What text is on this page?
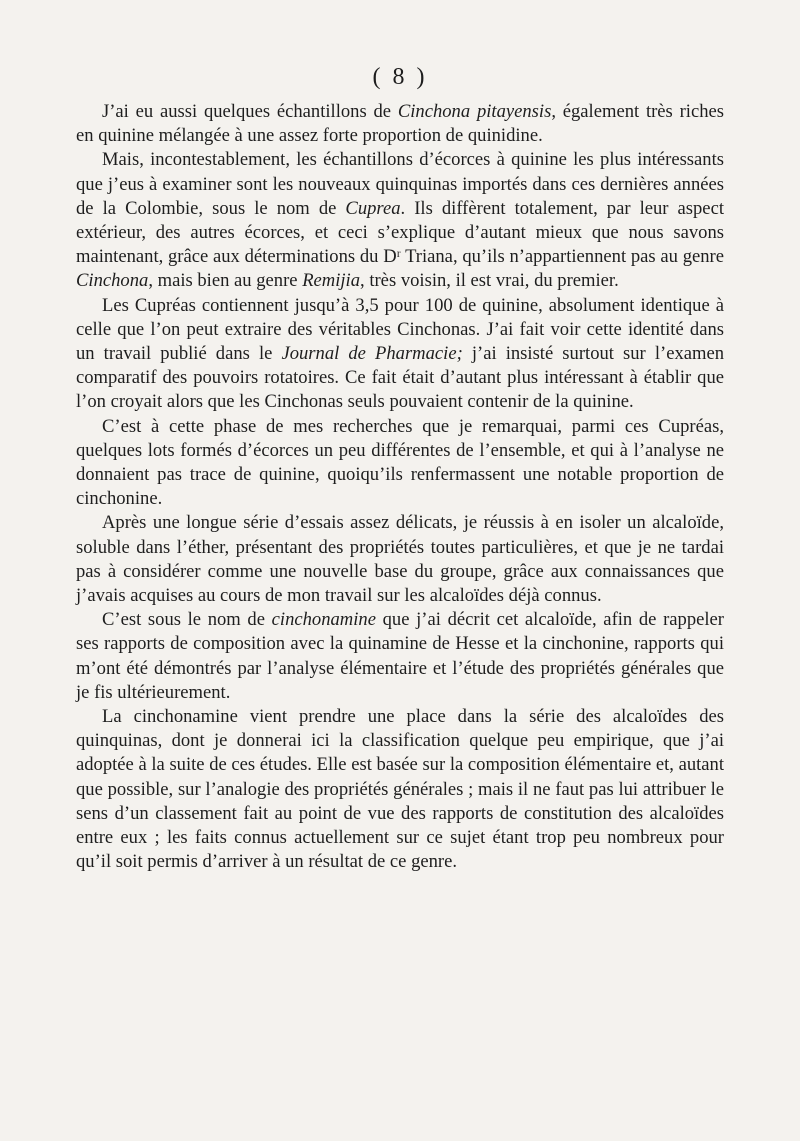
( 8 )

J’ai eu aussi quelques échantillons de Cinchona pitayensis, également très riches en quinine mélangée à une assez forte proportion de quinidine.

Mais, incontestablement, les échantillons d’écorces à quinine les plus intéressants que j’eus à examiner sont les nouveaux quinquinas importés dans ces dernières années de la Colombie, sous le nom de Cuprea. Ils diffèrent totalement, par leur aspect extérieur, des autres écorces, et ceci s’explique d’autant mieux que nous savons maintenant, grâce aux déterminations du Dʳ Triana, qu’ils n’appartiennent pas au genre Cinchona, mais bien au genre Remijia, très voisin, il est vrai, du premier.

Les Cupréas contiennent jusqu’à 3,5 pour 100 de quinine, absolument identique à celle que l’on peut extraire des véritables Cinchonas. J’ai fait voir cette identité dans un travail publié dans le Journal de Pharmacie; j’ai insisté surtout sur l’examen comparatif des pouvoirs rotatoires. Ce fait était d’autant plus intéressant à établir que l’on croyait alors que les Cinchonas seuls pouvaient contenir de la quinine.

C’est à cette phase de mes recherches que je remarquai, parmi ces Cupréas, quelques lots formés d’écorces un peu différentes de l’ensemble, et qui à l’analyse ne donnaient pas trace de quinine, quoiqu’ils renfermassent une notable proportion de cinchonine.

Après une longue série d’essais assez délicats, je réussis à en isoler un alcaloïde, soluble dans l’éther, présentant des propriétés toutes particulières, et que je ne tardai pas à considérer comme une nouvelle base du groupe, grâce aux connaissances que j’avais acquises au cours de mon travail sur les alcaloïdes déjà connus.

C’est sous le nom de cinchonamine que j’ai décrit cet alcaloïde, afin de rappeler ses rapports de composition avec la quinamine de Hesse et la cinchonine, rapports qui m’ont été démontrés par l’analyse élémentaire et l’étude des propriétés générales que je fis ultérieurement.

La cinchonamine vient prendre une place dans la série des alcaloïdes des quinquinas, dont je donnerai ici la classification quelque peu empirique, que j’ai adoptée à la suite de ces études. Elle est basée sur la composition élémentaire et, autant que possible, sur l’analogie des propriétés générales ; mais il ne faut pas lui attribuer le sens d’un classement fait au point de vue des rapports de constitution des alcaloïdes entre eux ; les faits connus actuellement sur ce sujet étant trop peu nombreux pour qu’il soit permis d’arriver à un résultat de ce genre.
